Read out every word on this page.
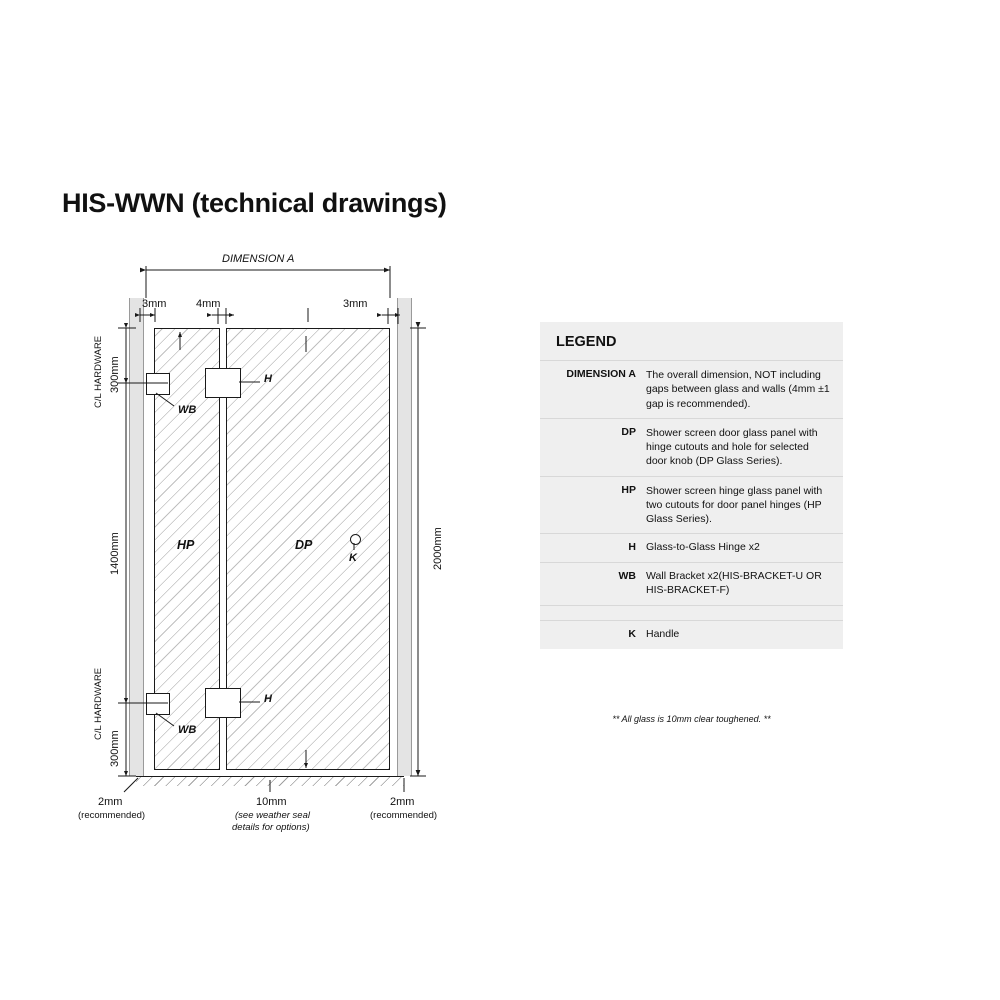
HIS-WWN (technical drawings)
HP	DP
H
H
WB
WB
K
DIMENSION A
3mm	4mm	3mm
2000mm
1400mm
300mm
300mm
C/L HARDWARE
C/L HARDWARE
2mm
(recommended)
10mm
(see weather seal
details for options)
2mm
(recommended)
LEGEND
DIMENSION A The overall dimension, NOT including gaps between glass and walls (4mm ±1 gap is recommended).
DP Shower screen door glass panel with hinge cutouts and hole for selected door knob (DP Glass Series).
HP Shower screen hinge glass panel with two cutouts for door panel hinges (HP Glass Series).
H Glass-to-Glass Hinge x2
WB Wall Bracket x2(HIS-BRACKET-U OR HIS-BRACKET-F)
K Handle
** All glass is 10mm clear toughened. **
